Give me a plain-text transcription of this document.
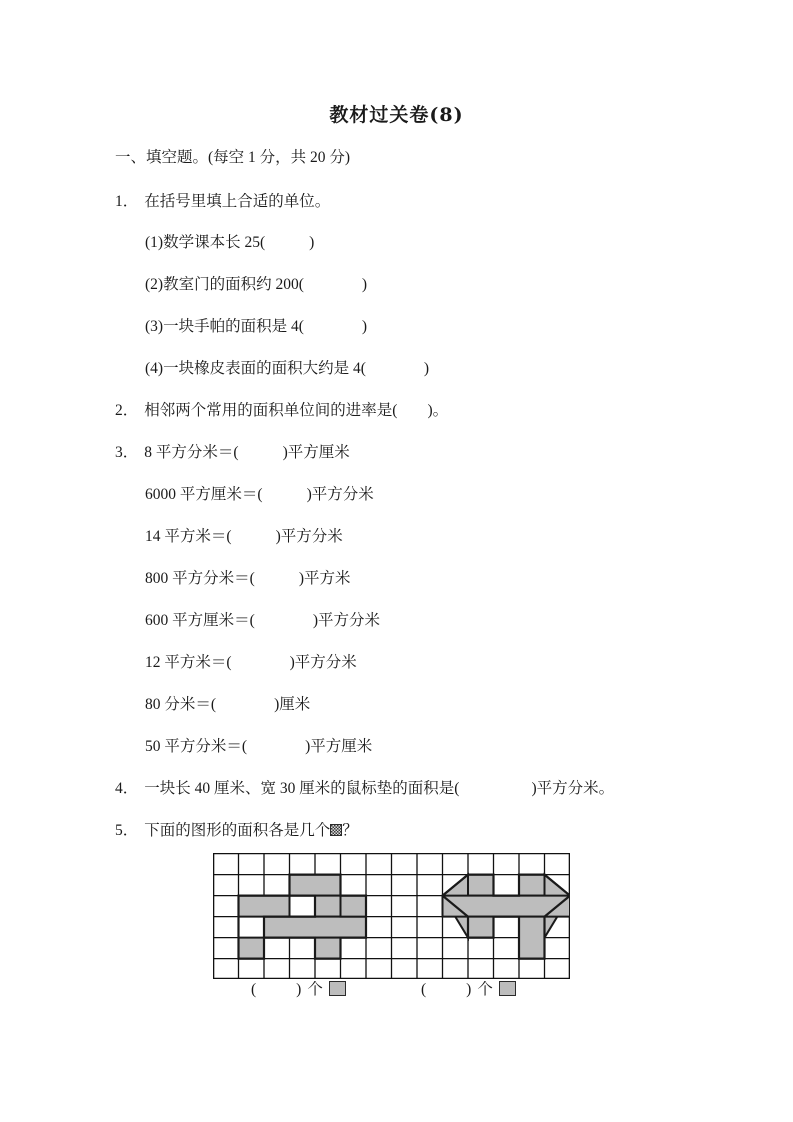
教材过关卷(8)
一、填空题。(每空 1 分，共 20 分)
1． 在括号里填上合适的单位。
(1)数学课本长 25(	)
(2)教室门的面积约 200(	)
(3)一块手帕的面积是 4(	)
(4)一块橡皮表面的面积大约是 4(	)
2． 相邻两个常用的面积单位间的进率是( )。
3． 8 平方分米＝(	)平方厘米
6000 平方厘米＝(	)平方分米
14 平方米＝(	)平方分米
800 平方分米＝(	)平方米
600 平方厘米＝(	)平方分米
12 平方米＝(	)平方分米
80 分米＝(	)厘米
50 平方分米＝(	)平方厘米
4． 一块长 40 厘米、宽 30 厘米的鼠标垫的面积是(	)平方分米。
5． 下面的图形的面积各是几个 ？
(	) 个	(	) 个
